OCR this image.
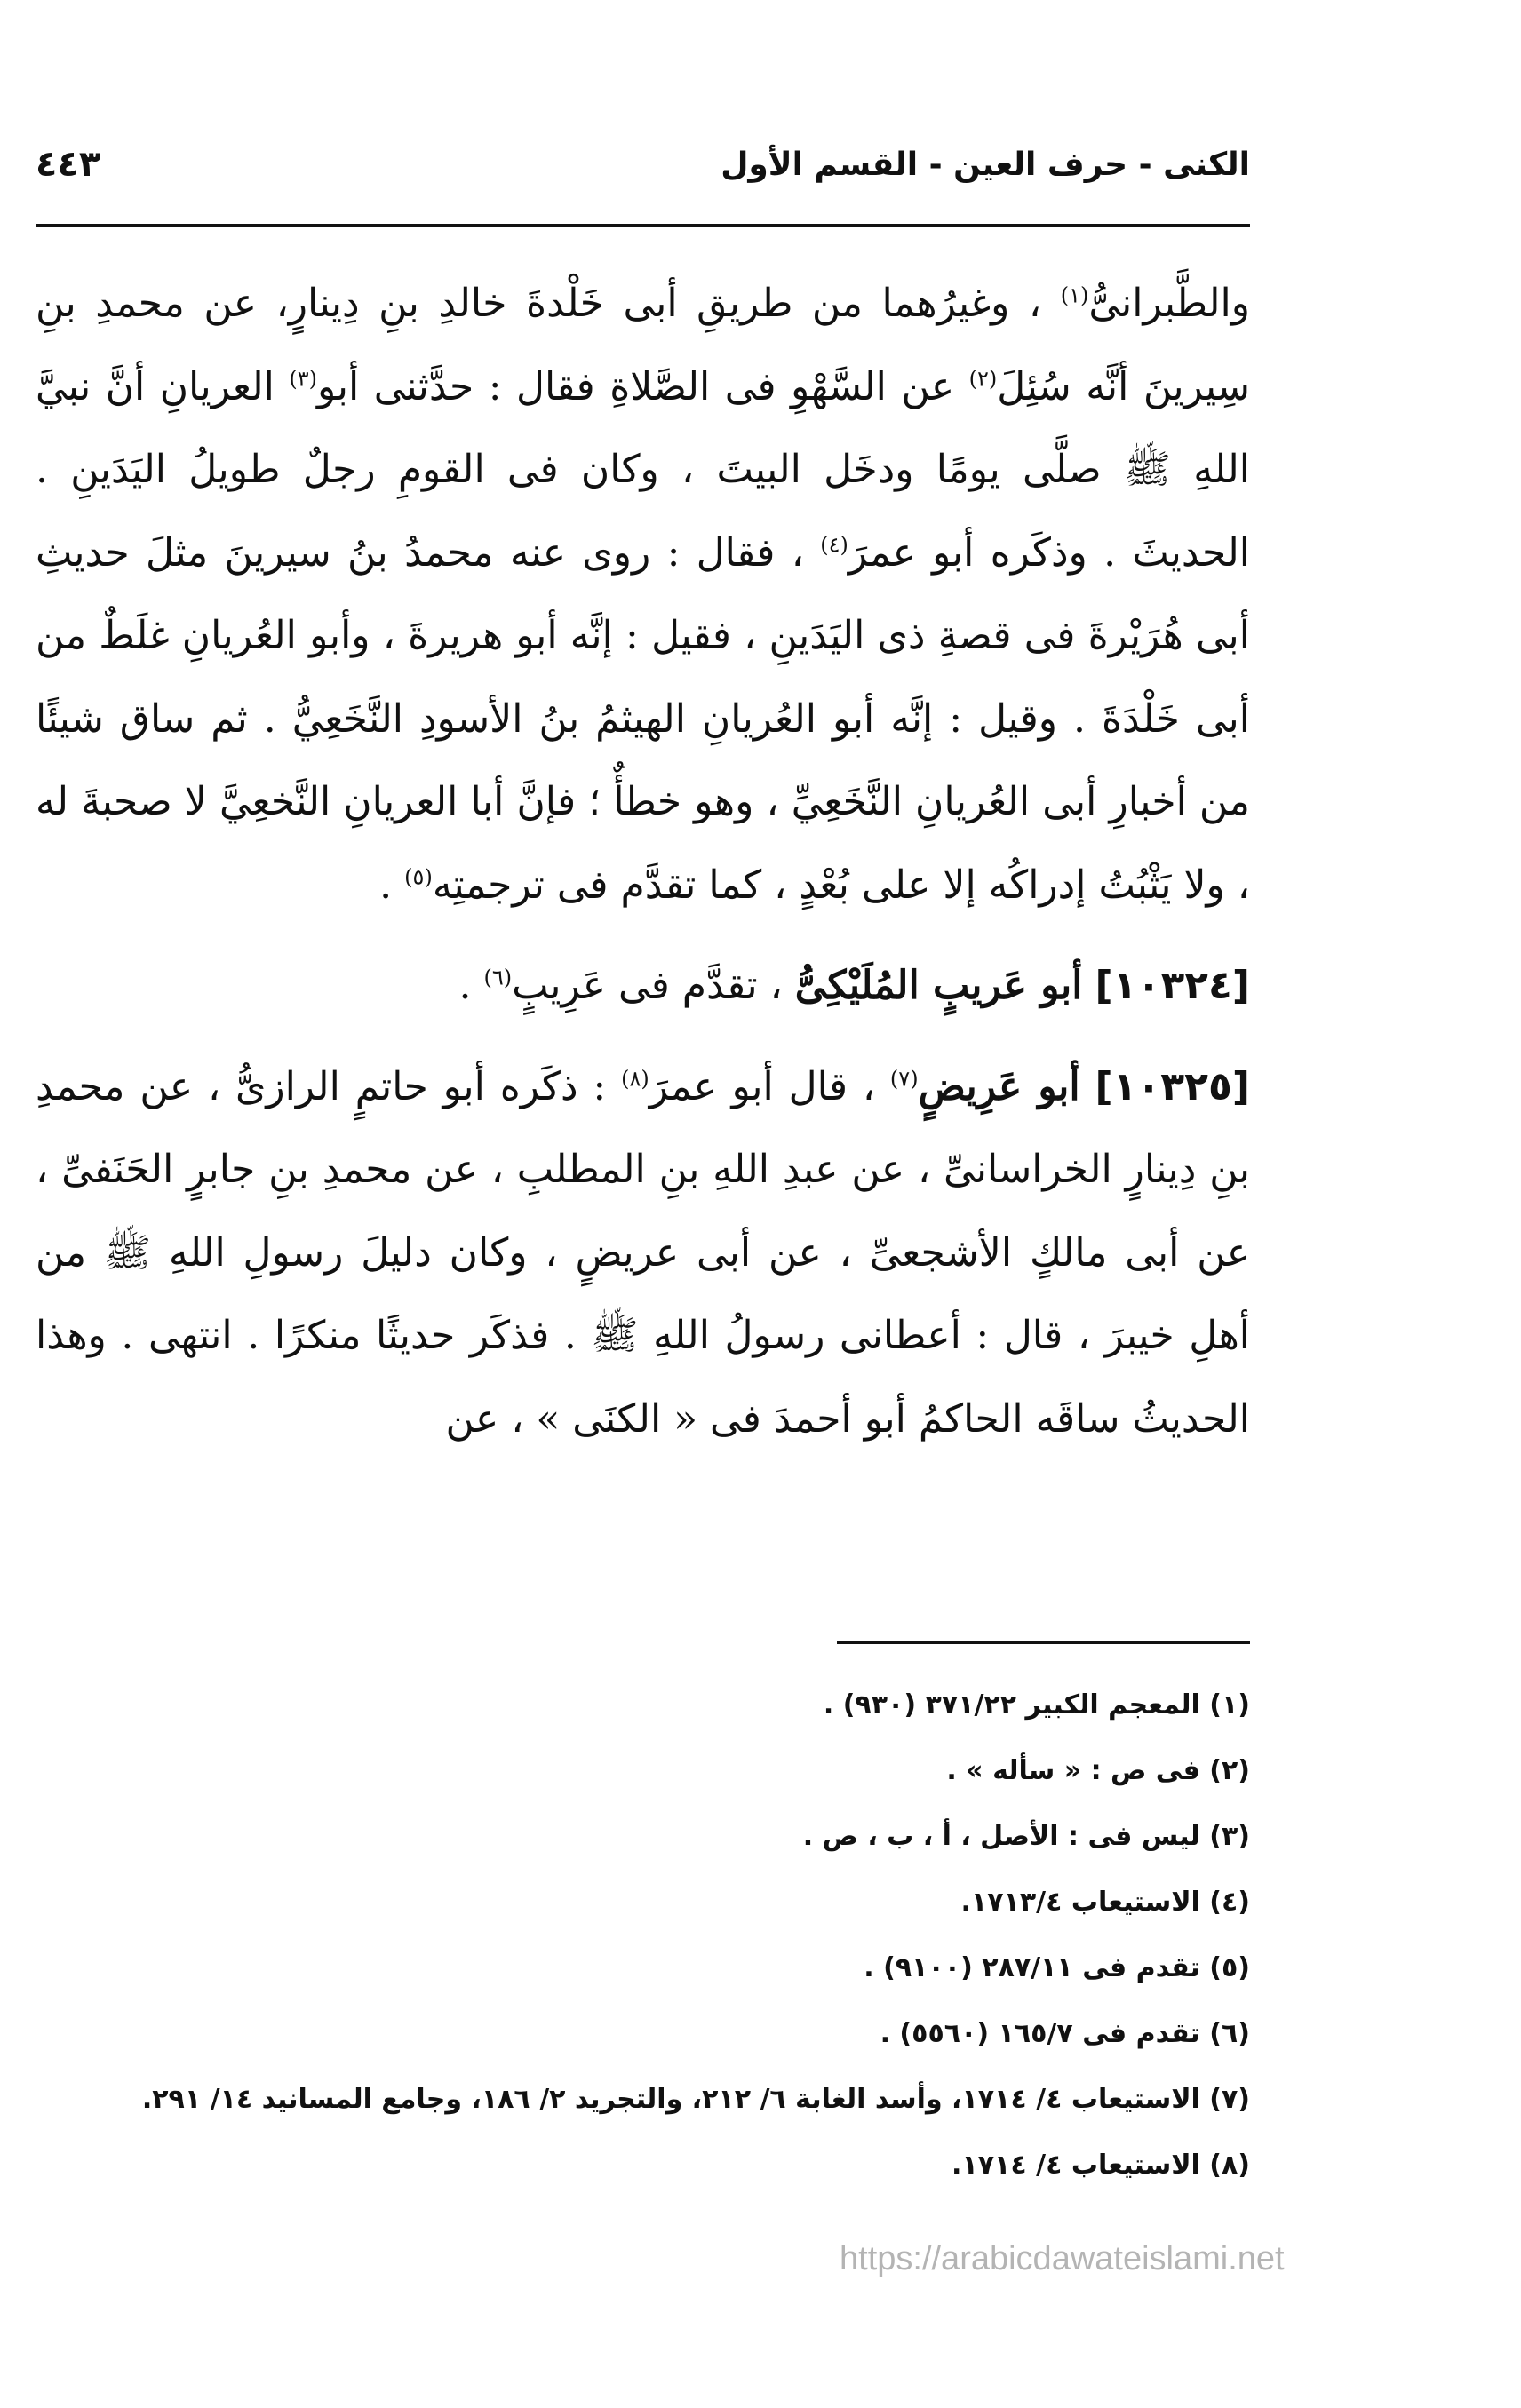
الكنى - حرف العين - القسم الأول
٤٤٣

والطَّبرانىُّ$^{(١)}$ ، وغيرُهما من طريقِ أبى خَلْدةَ خالدِ بنِ دِينارٍ، عن محمدِ بنِ سِيرينَ أنَّه سُئِلَ$^{(٢)}$ عن السَّهْوِ فى الصَّلاةِ فقال : حدَّثنى أبو$^{(٣)}$ العريانِ أنَّ نبيَّ اللهِ ﷺ صلَّى يومًا ودخَل البيتَ ، وكان فى القومِ رجلٌ طويلُ اليَدَينِ . الحديثَ . وذكَره أبو عمرَ$^{(٤)}$ ، فقال : روى عنه محمدُ بنُ سيرينَ مثلَ حديثِ أبى هُرَيْرةَ فى قصةِ ذى اليَدَينِ ، فقيل : إنَّه أبو هريرةَ ، وأبو العُريانِ غلَطٌ من أبى خَلْدَةَ . وقيل : إنَّه أبو العُريانِ الهيثمُ بنُ الأسودِ النَّخَعِيُّ . ثم ساق شيئًا من أخبارِ أبى العُريانِ النَّخَعِيِّ ، وهو خطأٌ ؛ فإنَّ أبا العريانِ النَّخعِيَّ لا صحبةَ له ، ولا يَثْبُتُ إدراكُه إلا على بُعْدٍ ، كما تقدَّم فى ترجمتِه$^{(٥)}$ .

[١٠٣٢٤] أبو عَريبٍ المُلَيْكِىُّ ، تقدَّم فى عَرِيبٍ$^{(٦)}$ .

[١٠٣٢٥] أبو عَرِيضٍ$^{(٧)}$ ، قال أبو عمرَ$^{(٨)}$ : ذكَره أبو حاتمٍ الرازىُّ ، عن محمدِ بنِ دِينارٍ الخراسانىِّ ، عن عبدِ اللهِ بنِ المطلبِ ، عن محمدِ بنِ جابرٍ الحَنَفىِّ ، عن أبى مالكٍ الأشجعىِّ ، عن أبى عريضٍ ، وكان دليلَ رسولِ اللهِ ﷺ من أهلِ خيبرَ ، قال : أعطانى رسولُ اللهِ ﷺ . فذكَر حديثًا منكرًا . انتهى . وهذا الحديثُ ساقَه الحاكمُ أبو أحمدَ فى « الكنَى » ، عن

(١) المعجم الكبير ٣٧١/٢٢ (٩٣٠) .
(٢) فى ص : « سأله » .
(٣) ليس فى : الأصل ، أ ، ب ، ص .
(٤) الاستيعاب ١٧١٣/٤.
(٥) تقدم فى ٢٨٧/١١ (٩١٠٠) .
(٦) تقدم فى ١٦٥/٧ (٥٥٦٠) .
(٧) الاستيعاب ٤/ ١٧١٤، وأسد الغابة ٦/ ٢١٢، والتجريد ٢/ ١٨٦، وجامع المسانيد ١٤/ ٢٩١.
(٨) الاستيعاب ٤/ ١٧١٤.
https://arabicdawateislami.net
